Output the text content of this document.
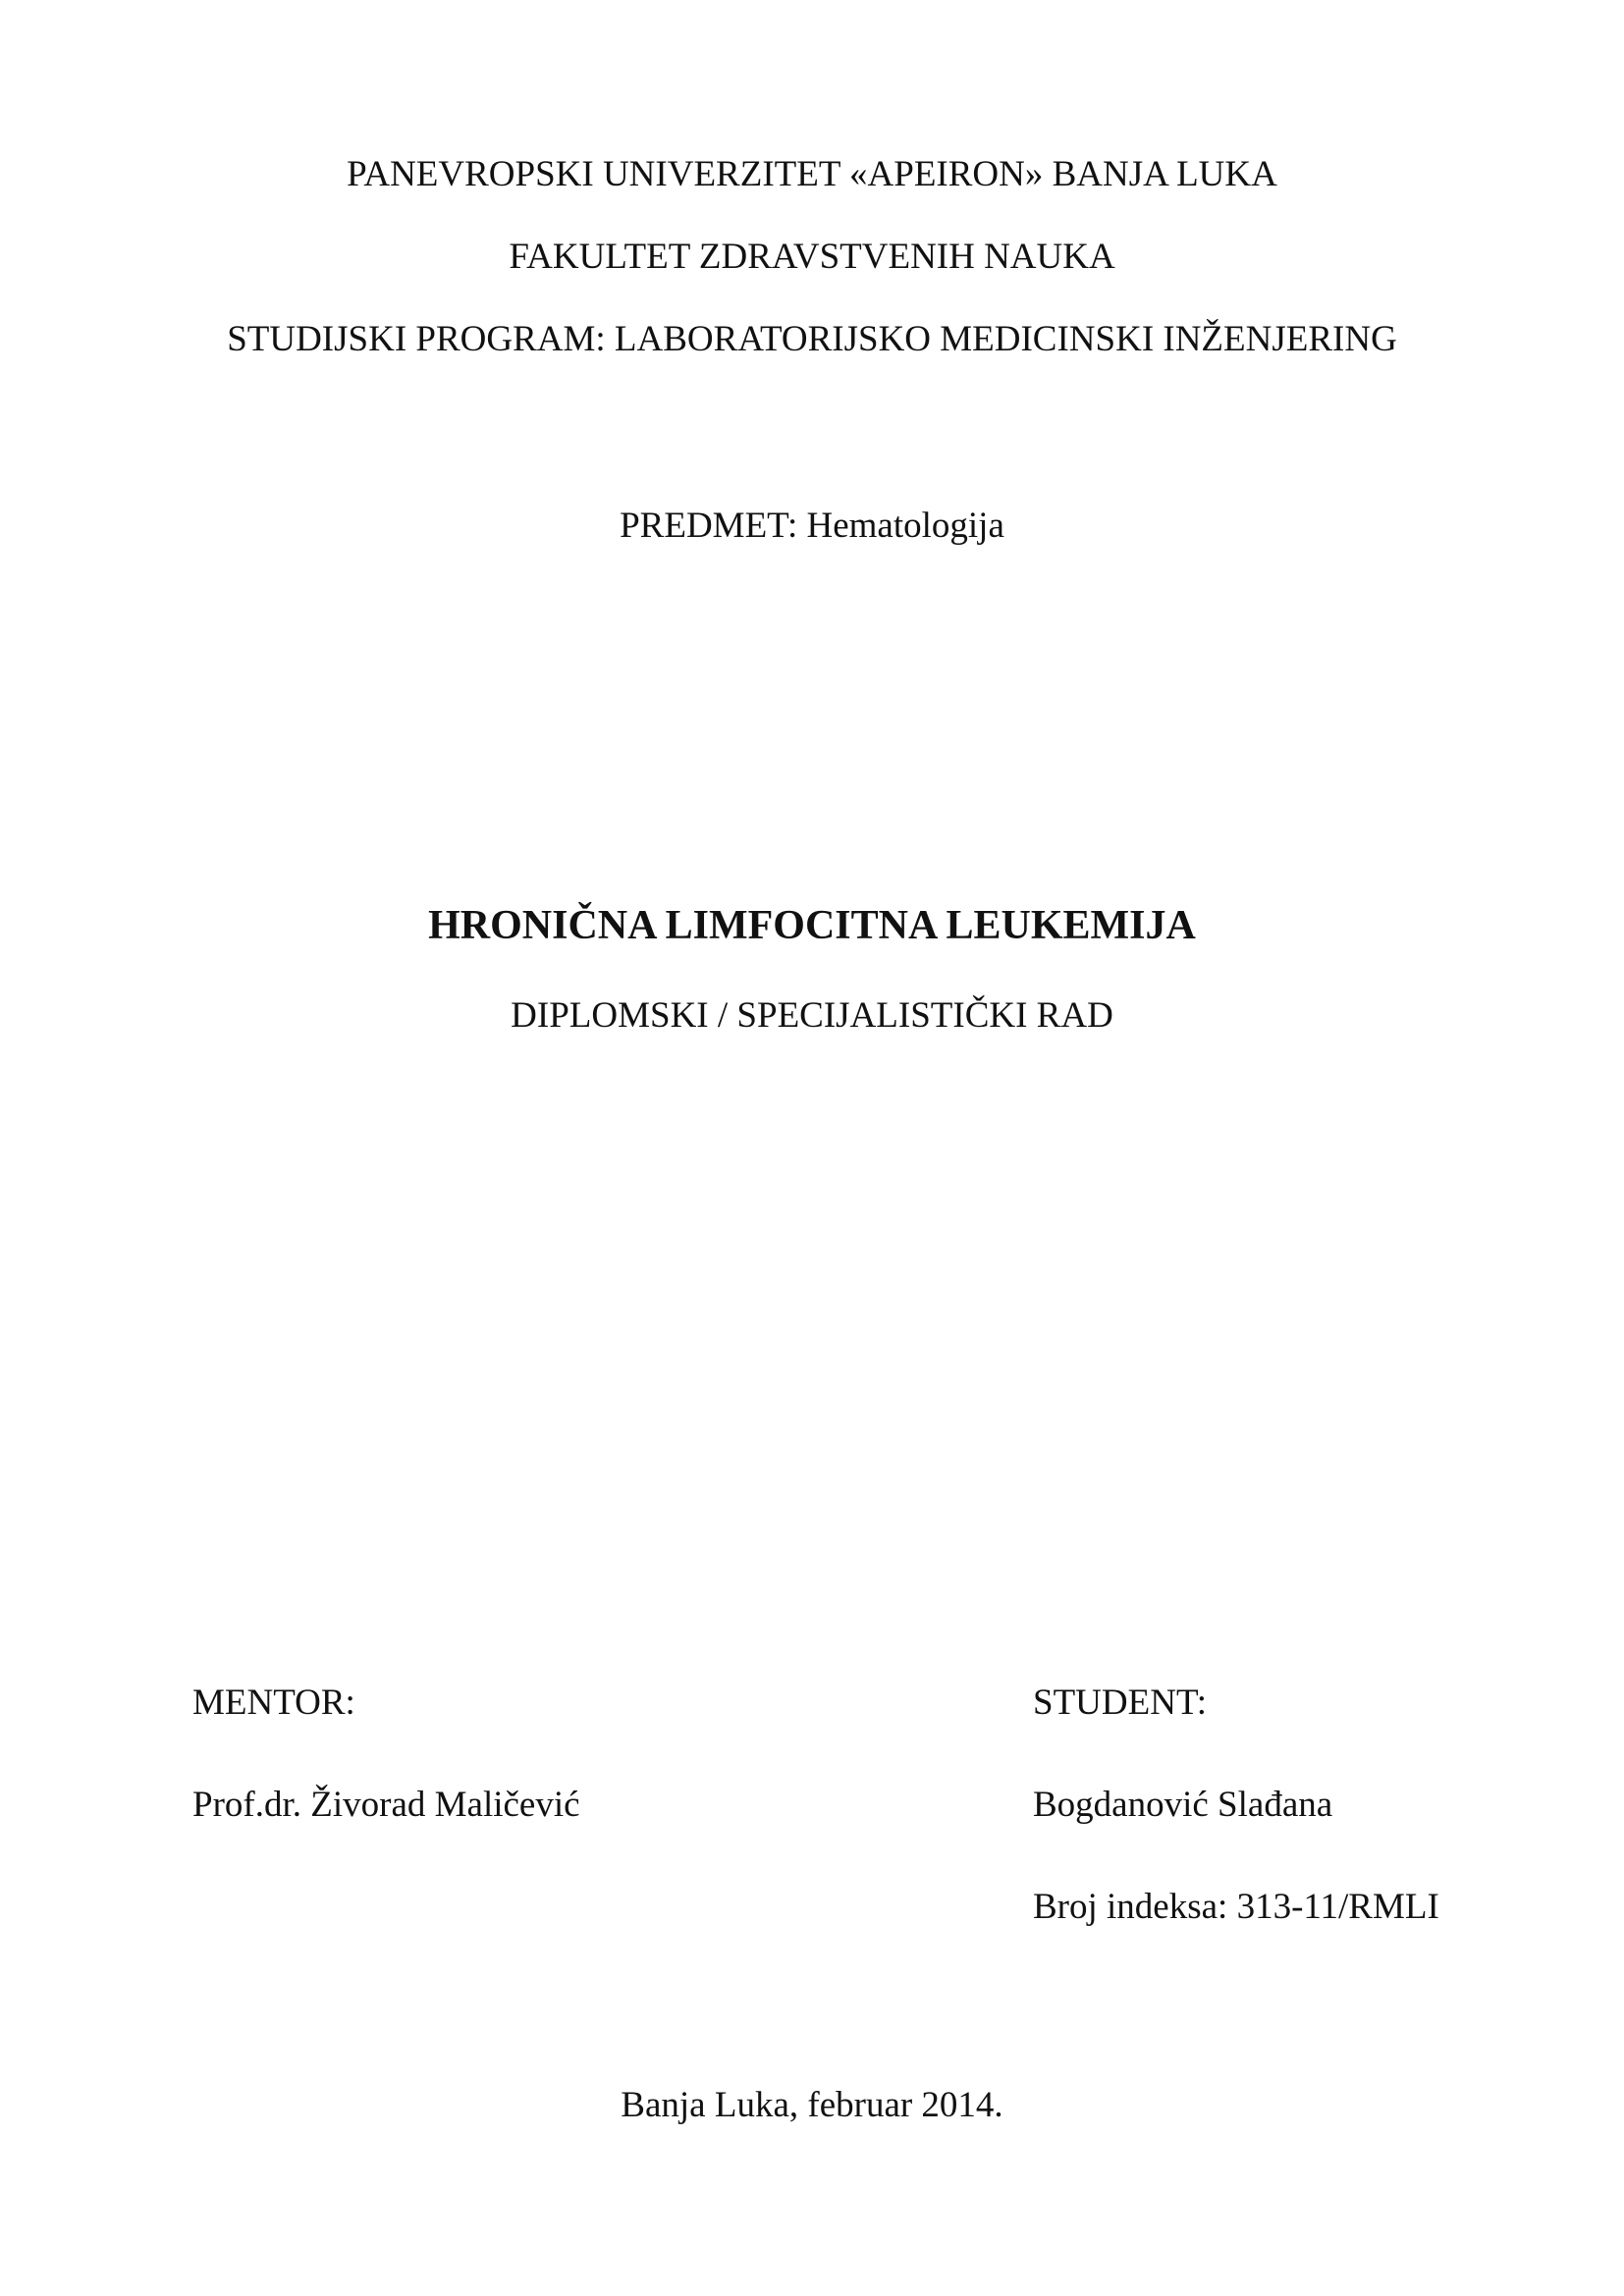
PANEVROPSKI UNIVERZITET «APEIRON» BANJA LUKA
FAKULTET ZDRAVSTVENIH NAUKA
STUDIJSKI PROGRAM: LABORATORIJSKO MEDICINSKI INŽENJERING
PREDMET: Hematologija
HRONIČNA LIMFOCITNA LEUKEMIJA
DIPLOMSKI / SPECIJALISTIČKI RAD
MENTOR:
Prof.dr. Živorad Maličević
STUDENT:
Bogdanović Slađana
Broj indeksa: 313-11/RMLI
Banja Luka, februar 2014.
